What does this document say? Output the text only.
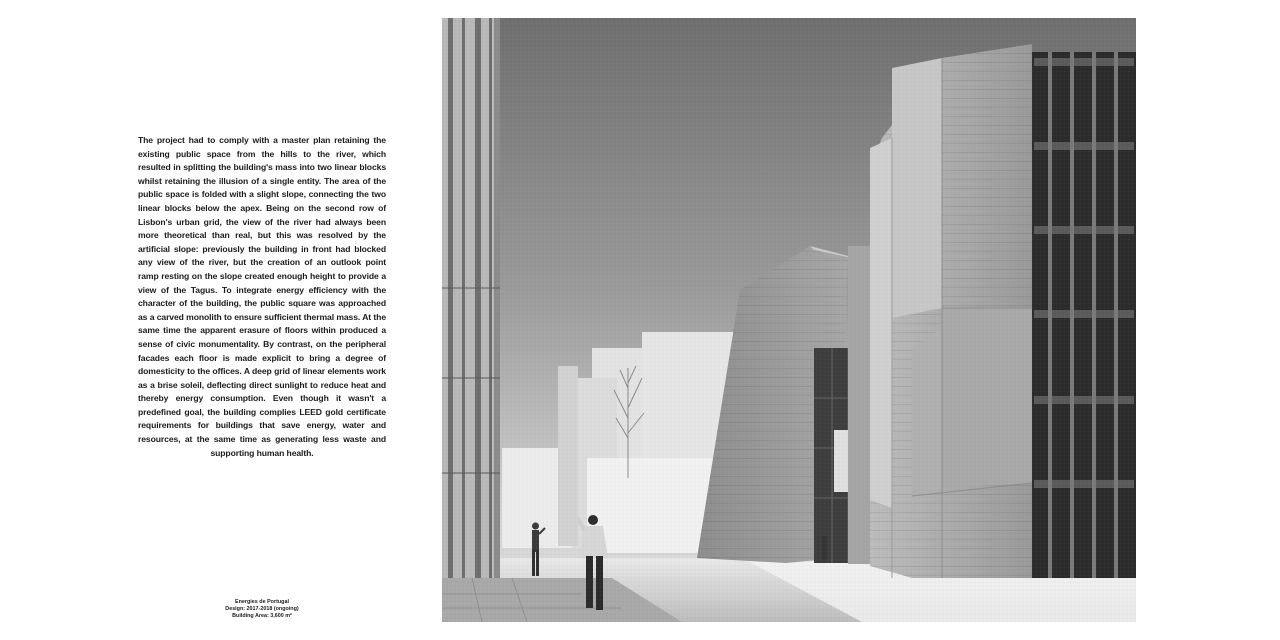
The project had to comply with a master plan retaining the existing public space from the hills to the river, which resulted in splitting the building's mass into two linear blocks whilst retaining the illusion of a single entity. The area of the public space is folded with a slight slope, connecting the two linear blocks below the apex. Being on the second row of Lisbon's urban grid, the view of the river had always been more theoretical than real, but this was resolved by the artificial slope: previously the building in front had blocked any view of the river, but the creation of an outlook point ramp resting on the slope created enough height to provide a view of the Tagus. To integrate energy efficiency with the character of the building, the public square was approached as a carved monolith to ensure sufficient thermal mass. At the same time the apparent erasure of floors within produced a sense of civic monumentality. By contrast, on the peripheral facades each floor is made explicit to bring a degree of domesticity to the offices. A deep grid of linear elements work as a brise soleil, deflecting direct sunlight to reduce heat and thereby energy consumption. Even though it wasn't a predefined goal, the building complies LEED gold certificate requirements for buildings that save energy, water and resources, at the same time as generating less waste and supporting human health.
Energies de Portugal
Design: 2017-2018 (ongoing)
Building Area: 3,600 m²
